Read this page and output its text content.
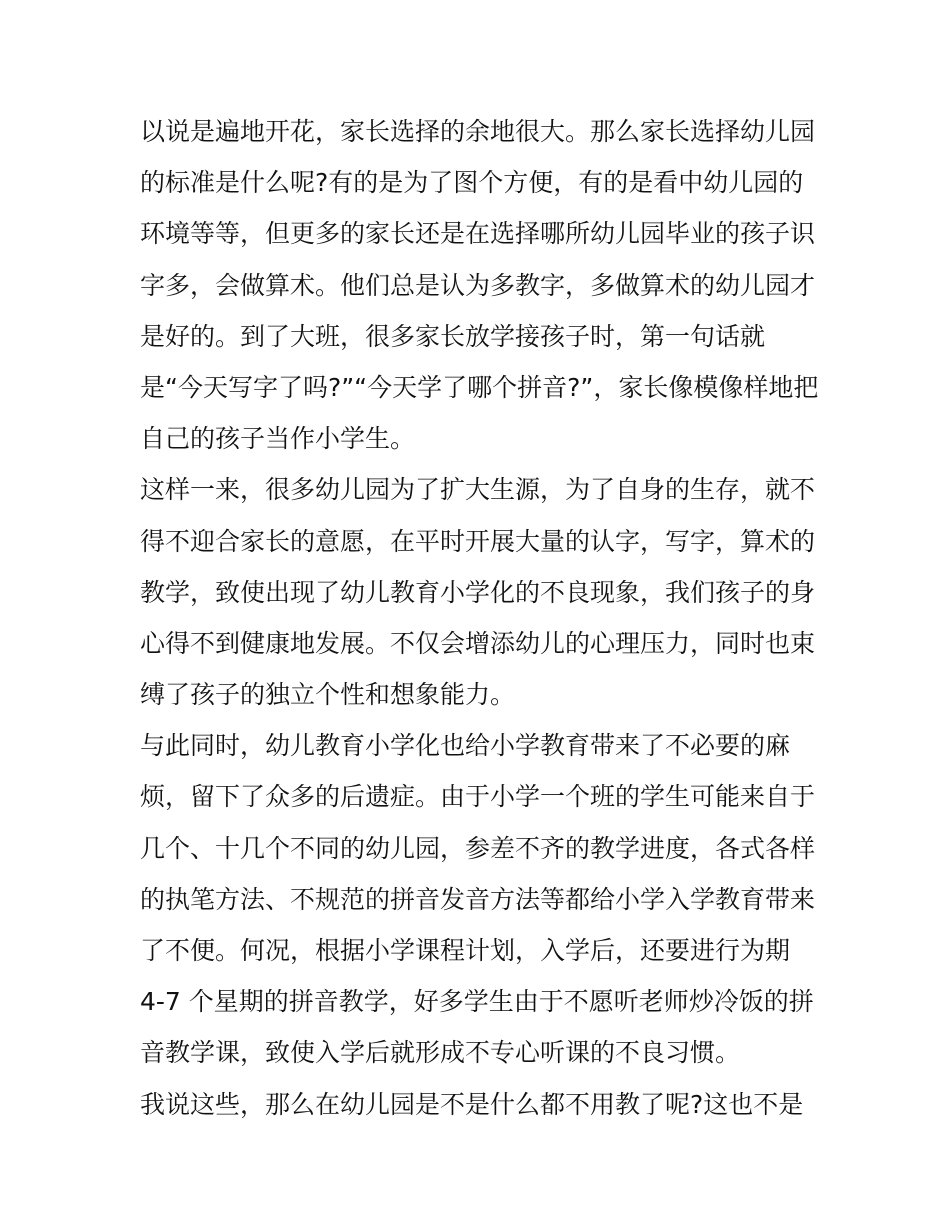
以说是遍地开花，家长选择的余地很大。那么家长选择幼儿园
的标准是什么呢?有的是为了图个方便，有的是看中幼儿园的
环境等等，但更多的家长还是在选择哪所幼儿园毕业的孩子识
字多，会做算术。他们总是认为多教字，多做算术的幼儿园才
是好的。到了大班，很多家长放学接孩子时，第一句话就
是“今天写字了吗?”“今天学了哪个拼音?”，家长像模像样地把
自己的孩子当作小学生。
这样一来，很多幼儿园为了扩大生源，为了自身的生存，就不
得不迎合家长的意愿，在平时开展大量的认字，写字，算术的
教学，致使出现了幼儿教育小学化的不良现象，我们孩子的身
心得不到健康地发展。不仅会增添幼儿的心理压力，同时也束
缚了孩子的独立个性和想象能力。
与此同时，幼儿教育小学化也给小学教育带来了不必要的麻
烦，留下了众多的后遗症。由于小学一个班的学生可能来自于
几个、十几个不同的幼儿园，参差不齐的教学进度，各式各样
的执笔方法、不规范的拼音发音方法等都给小学入学教育带来
了不便。何况，根据小学课程计划，入学后，还要进行为期
4-7 个星期的拼音教学，好多学生由于不愿听老师炒冷饭的拼
音教学课，致使入学后就形成不专心听课的不良习惯。
我说这些，那么在幼儿园是不是什么都不用教了呢?这也不是
